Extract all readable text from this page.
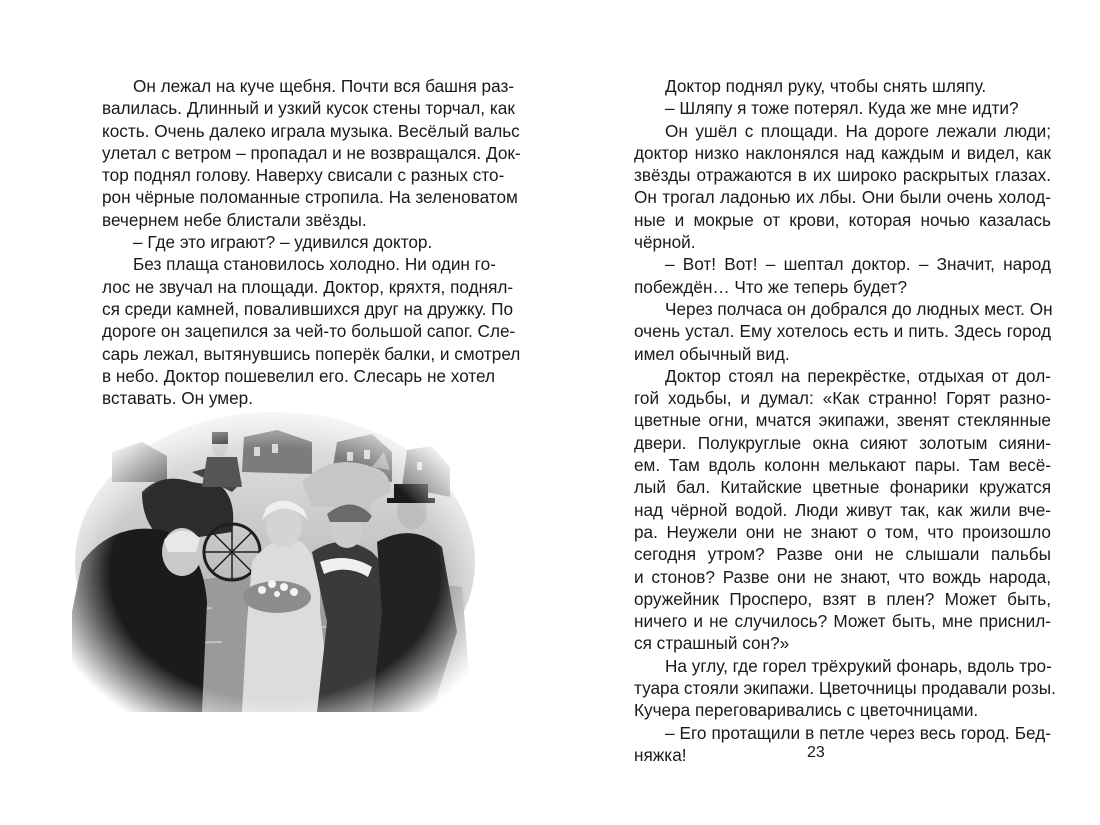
Он лежал на куче щебня. Почти вся башня раз-
валилась. Длинный и узкий кусок стены торчал, как
кость. Очень далеко играла музыка. Весёлый вальс
улетал с ветром – пропадал и не возвращался. Док-
тор поднял голову. Наверху свисали с разных сто-
рон чёрные поломанные стропила. На зеленоватом
вечернем небе блистали звёзды.
– Где это играют? – удивился доктор.
Без плаща становилось холодно. Ни один го-
лос не звучал на площади. Доктор, кряхтя, поднял-
ся среди камней, повалившихся друг на дружку. По
дороге он зацепился за чей-то большой сапог. Сле-
сарь лежал, вытянувшись поперёк балки, и смотрел
в небо. Доктор пошевелил его. Слесарь не хотел
вставать. Он умер.
Доктор поднял руку, чтобы снять шляпу.
– Шляпу я тоже потерял. Куда же мне идти?
Он ушёл с площади. На дороге лежали люди;
доктор низко наклонялся над каждым и видел, как
звёзды отражаются в их широко раскрытых глазах.
Он трогал ладонью их лбы. Они были очень холод-
ные и мокрые от крови, которая ночью казалась
чёрной.
– Вот! Вот! – шептал доктор. – Значит, народ
побеждён… Что же теперь будет?
Через полчаса он добрался до людных мест. Он
очень устал. Ему хотелось есть и пить. Здесь город
имел обычный вид.
Доктор стоял на перекрёстке, отдыхая от дол-
гой ходьбы, и думал: «Как странно! Горят разно-
цветные огни, мчатся экипажи, звенят стеклянные
двери. Полукруглые окна сияют золотым сияни-
ем. Там вдоль колонн мелькают пары. Там весё-
лый бал. Китайские цветные фонарики кружатся
над чёрной водой. Люди живут так, как жили вче-
ра. Неужели они не знают о том, что произошло
сегодня утром? Разве они не слышали пальбы
и стонов? Разве они не знают, что вождь народа,
оружейник Просперо, взят в плен? Может быть,
ничего и не случилось? Может быть, мне приснил-
ся страшный сон?»
На углу, где горел трёхрукий фонарь, вдоль тро-
туара стояли экипажи. Цветочницы продавали розы.
Кучера переговаривались с цветочницами.
– Его протащили в петле через весь город. Бед-
няжка!	23
